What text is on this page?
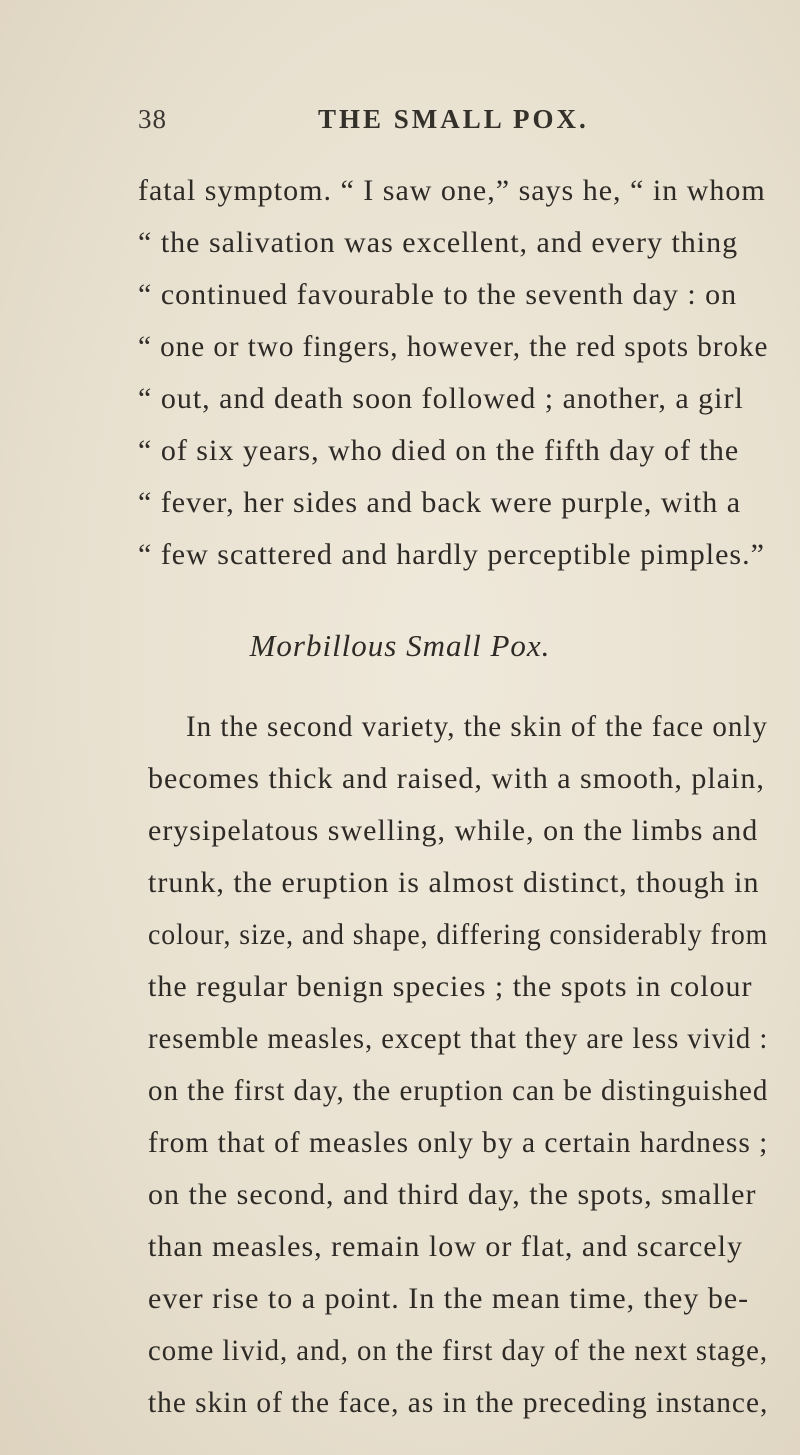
38	THE SMALL POX.
fatal symptom. “ I saw one,” says he, “ in whom
“ the salivation was excellent, and every thing
“ continued favourable to the seventh day : on
“ one or two fingers, however, the red spots broke
“ out, and death soon followed ; another, a girl
“ of six years, who died on the fifth day of the
“ fever, her sides and back were purple, with a
“ few scattered and hardly perceptible pimples.”
Morbillous Small Pox.
In the second variety, the skin of the face only
becomes thick and raised, with a smooth, plain,
erysipelatous swelling, while, on the limbs and
trunk, the eruption is almost distinct, though in
colour, size, and shape, differing considerably from
the regular benign species ; the spots in colour
resemble measles, except that they are less vivid :
on the first day, the eruption can be distinguished
from that of measles only by a certain hardness ;
on the second, and third day, the spots, smaller
than measles, remain low or flat, and scarcely
ever rise to a point. In the mean time, they be-
come livid, and, on the first day of the next stage,
the skin of the face, as in the preceding instance,
